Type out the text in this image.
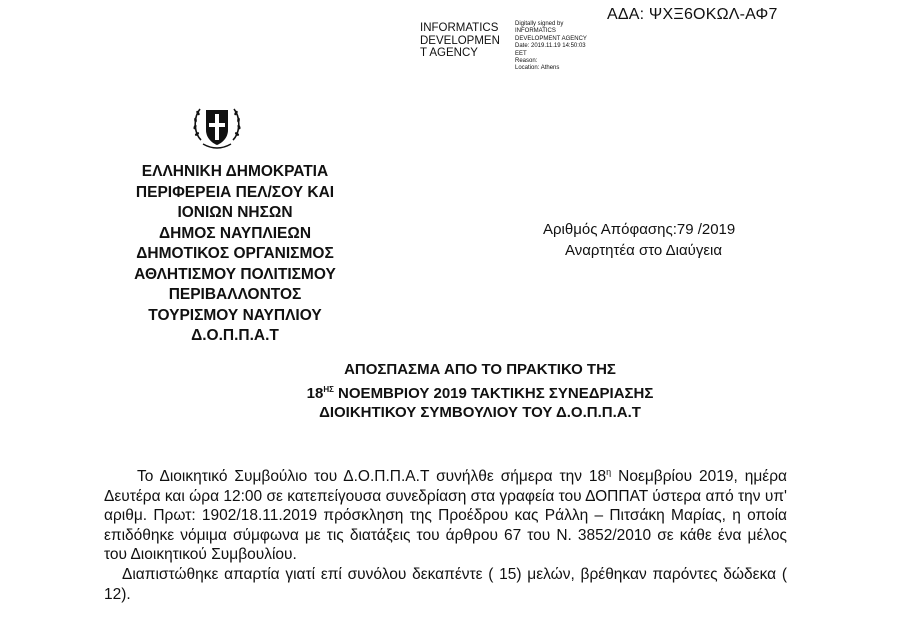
ΑΔΑ: ΨΧΞ6ΟΚΩΛ-ΑΦ7
INFORMATICS
DEVELOPMEN
T AGENCY
Digitally signed by
INFORMATICS
DEVELOPMENT AGENCY
Date: 2019.11.19 14:50:03
EET
Reason:
Location: Athens
ΕΛΛΗΝΙΚΗ ΔΗΜΟΚΡΑΤΙΑ
ΠΕΡΙΦΕΡΕΙΑ ΠΕΛ/ΣΟΥ ΚΑΙ
ΙΟΝΙΩΝ ΝΗΣΩΝ
ΔΗΜΟΣ ΝΑΥΠΛΙΕΩΝ
ΔΗΜΟΤΙΚΟΣ ΟΡΓΑΝΙΣΜΟΣ
ΑΘΛΗΤΙΣΜΟΥ ΠΟΛΙΤΙΣΜΟΥ
ΠΕΡΙΒΑΛΛΟΝΤΟΣ
ΤΟΥΡΙΣΜΟΥ ΝΑΥΠΛΙΟΥ
Δ.Ο.Π.Π.Α.Τ
Αριθμός Απόφασης:79 /2019
Αναρτητέα στο Διαύγεια
ΑΠΟΣΠΑΣΜΑ ΑΠΟ ΤΟ ΠΡΑΚΤΙΚΟ ΤΗΣ
$18^{H\Sigma}$ ΝΟΕΜΒΡΙΟΥ 2019 ΤΑΚΤΙΚΗΣ ΣΥΝΕΔΡΙΑΣΗΣ
ΔΙΟΙΚΗΤΙΚΟΥ ΣΥΜΒΟΥΛΙΟΥ ΤΟΥ Δ.Ο.Π.Π.Α.Τ

Το Διοικητικό Συμβούλιο του Δ.Ο.Π.Π.Α.Τ συνήλθε σήμερα την $18^\eta$ Νοεμβρίου 2019, ημέρα Δευτέρα και ώρα 12:00 σε κατεπείγουσα συνεδρίαση στα γραφεία του ΔΟΠΠΑΤ ύστερα από την υπ' αριθμ. Πρωτ: 1902/18.11.2019 πρόσκληση της Προέδρου κας Ράλλη – Πιτσάκη Μαρίας, η οποία επιδόθηκε νόμιμα σύμφωνα με τις διατάξεις του άρθρου 67 του Ν. 3852/2010 σε κάθε ένα μέλος του Διοικητικού Συμβουλίου.

Διαπιστώθηκε απαρτία γιατί επί συνόλου δεκαπέντε ( 15) μελών, βρέθηκαν παρόντες δώδεκα ( 12).
